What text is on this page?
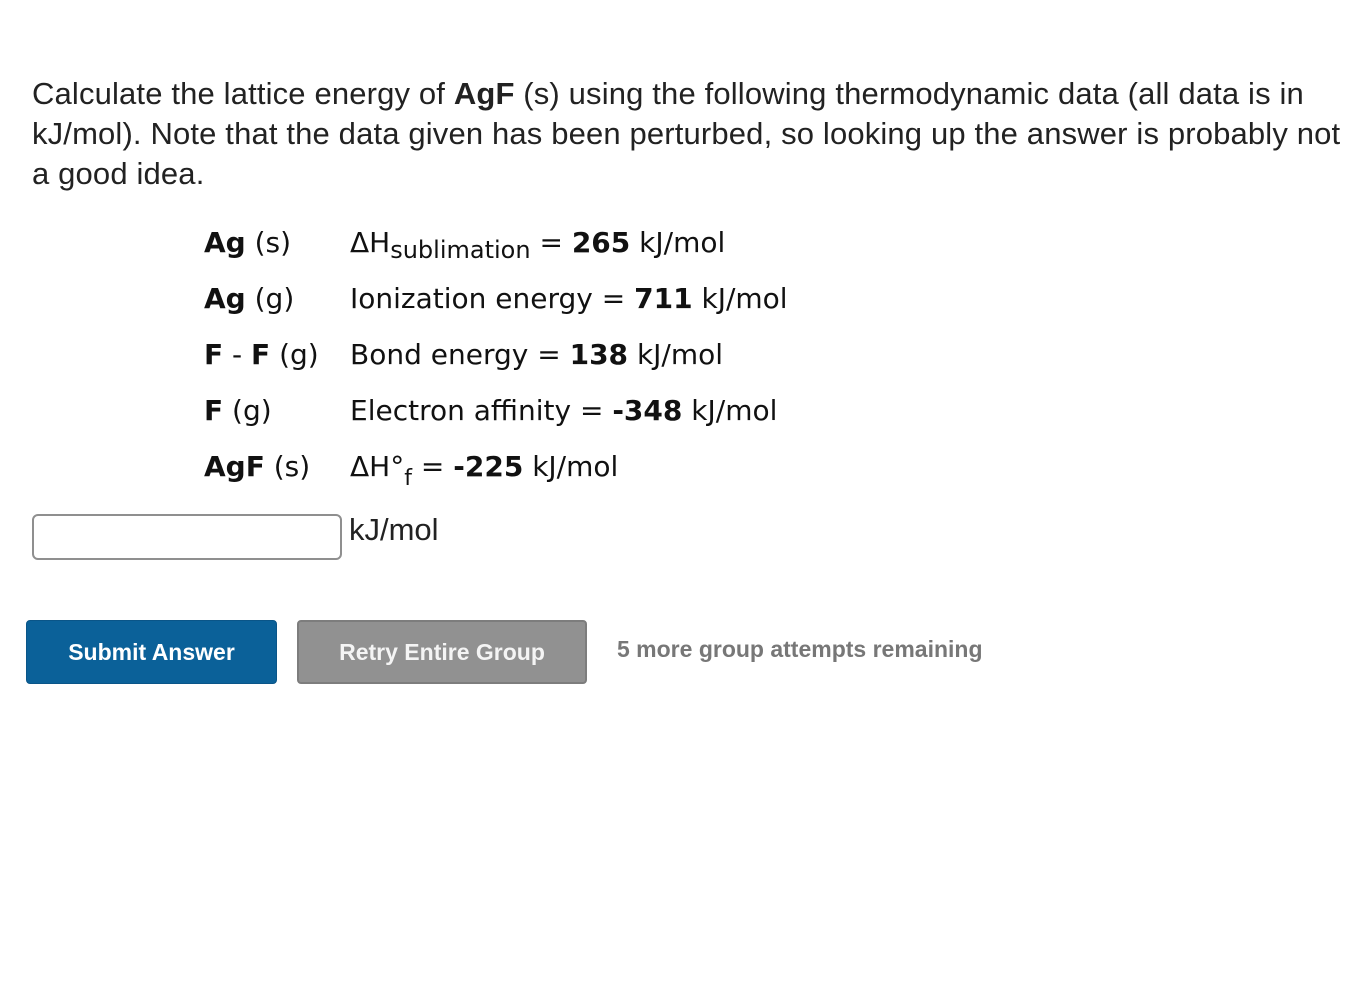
Calculate the lattice energy of AgF (s) using the following thermodynamic data (all data is in kJ/mol). Note that the data given has been perturbed, so looking up the answer is probably not a good idea.
Ag (s) $\Delta H_{sublimation} = 265$ kJ/mol
Ag (g) Ionization energy = 711 kJ/mol
F - F (g) Bond energy = 138 kJ/mol
F (g)	Electron affinity = -348 kJ/mol
AgF (s) $\Delta H^\circ_f = -225$ kJ/mol
kJ/mol
Submit Answer	Retry Entire Group	5 more group attempts remaining
